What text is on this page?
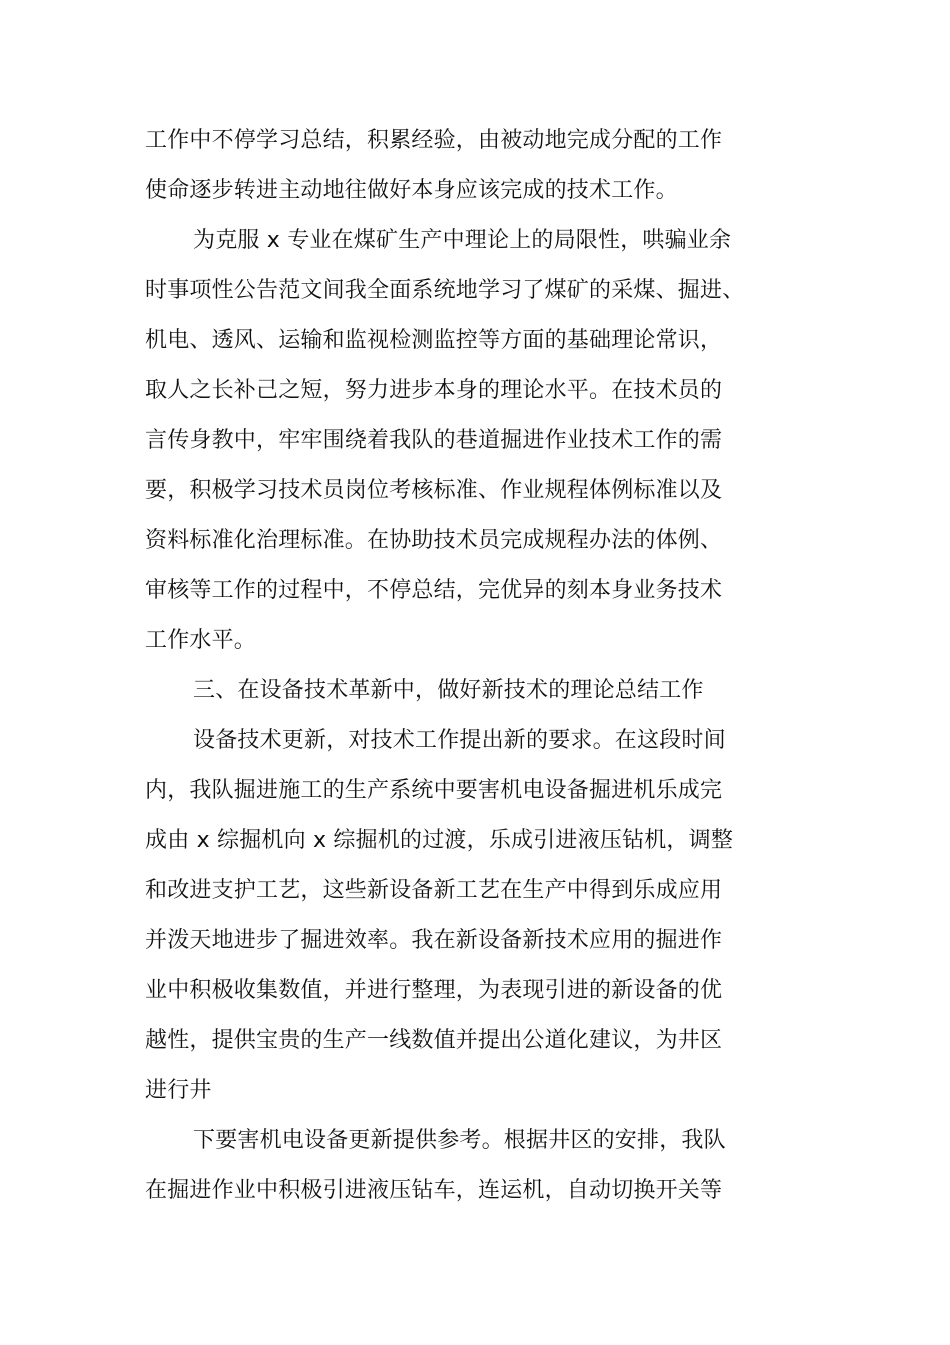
工作中不停学习总结，积累经验，由被动地完成分配的工作
使命逐步转进主动地往做好本身应该完成的技术工作。
为克服 x 专业在煤矿生产中理论上的局限性，哄骗业余
时事项性公告范文间我全面系统地学习了煤矿的采煤、掘进、
机电、透风、运输和监视检测监控等方面的基础理论常识，
取人之长补己之短，努力进步本身的理论水平。在技术员的
言传身教中，牢牢围绕着我队的巷道掘进作业技术工作的需
要，积极学习技术员岗位考核标准、作业规程体例标准以及
资料标准化治理标准。在协助技术员完成规程办法的体例、
审核等工作的过程中，不停总结，完优异的刻本身业务技术
工作水平。
三、在设备技术革新中，做好新技术的理论总结工作
设备技术更新，对技术工作提出新的要求。在这段时间
内，我队掘进施工的生产系统中要害机电设备掘进机乐成完
成由 x 综掘机向 x 综掘机的过渡，乐成引进液压钻机，调整
和改进支护工艺，这些新设备新工艺在生产中得到乐成应用
并泼天地进步了掘进效率。我在新设备新技术应用的掘进作
业中积极收集数值，并进行整理，为表现引进的新设备的优
越性，提供宝贵的生产一线数值并提出公道化建议，为井区
进行井
下要害机电设备更新提供参考。根据井区的安排，我队
在掘进作业中积极引进液压钻车，连运机，自动切换开关等
